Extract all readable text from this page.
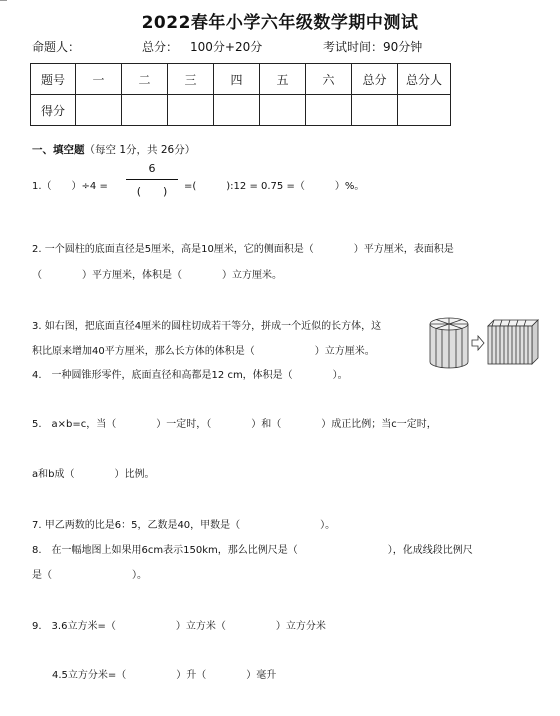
2022春年小学六年级数学期中测试
命题人：	总分： 100分+20分	考试时间：90分钟
题号	一	二	三	四	五	六	总分	总分人
得分								
一、填空题（每空 1分，共 26分）
1.（　　）÷4 =
6
(　　)	=(　　　):12 = 0.75 =（　　　）%。
2. 一个圆柱的底面直径是5厘米，高是10厘米，它的侧面积是（　　　　）平方厘米，表面积是
（　　　　）平方厘米，体积是（　　　　）立方厘米。
3. 如右图，把底面直径4厘米的圆柱切成若干等分，拼成一个近似的长方体，这
积比原来增加40平方厘米，那么长方体的体积是（　　　　　　）立方厘米。
4.　一种圆锥形零件，底面直径和高都是12 cm，体积是（　　　　）。
5.　a×b=c，当（　　　　）一定时，（　　　　）和（　　　　）成正比例；当c一定时，
a和b成（　　　　）比例。
7. 甲乙两数的比是6：5，乙数是40，甲数是（　　　　　　　　）。
8.　在一幅地图上如果用6cm表示150km，那么比例尺是（　　　　　　　　　），化成线段比例尺
是（　　　　　　　　）。
9.　3.6立方米=（　　　　　　）立方米（　　　　　）立方分米
4.5立方分米=（　　　　　）升（　　　　）毫升
